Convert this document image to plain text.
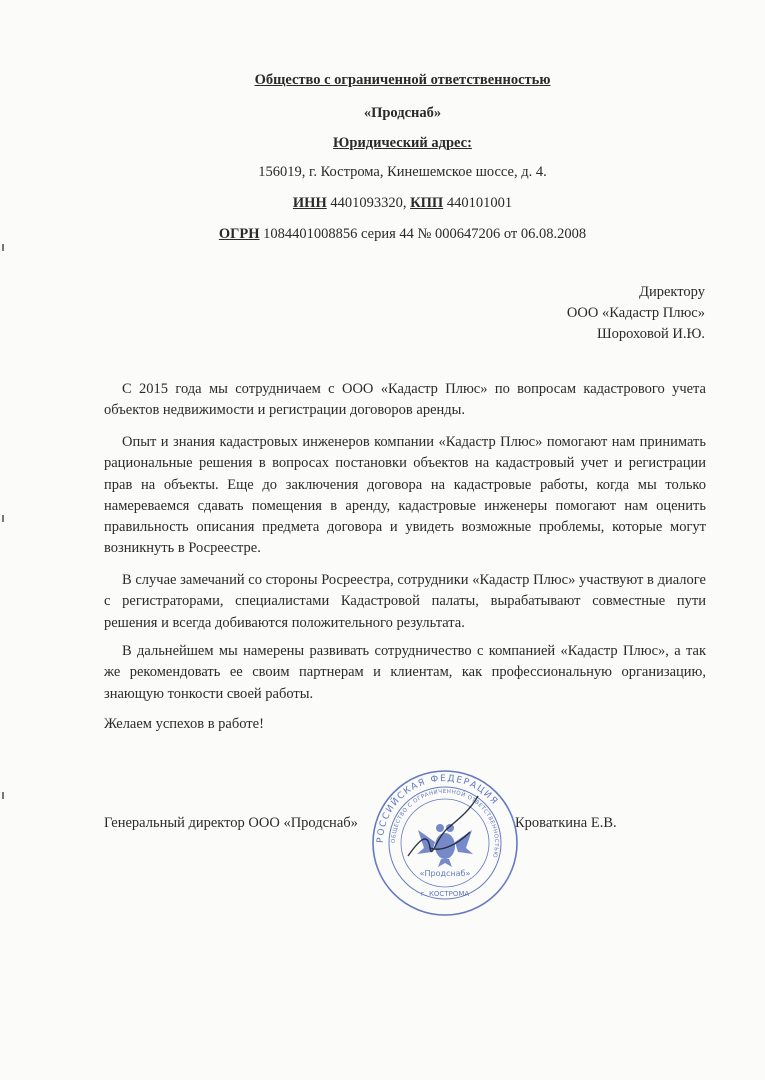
Общество с ограниченной ответственностью
«Продснаб»
Юридический адрес:
156019, г. Кострома, Кинешемское шоссе, д. 4.
ИНН 4401093320, КПП 440101001
ОГРН 1084401008856 серия 44 № 000647206 от 06.08.2008
Директору
ООО «Кадастр Плюс»
Шороховой И.Ю.
С 2015 года мы сотрудничаем с ООО «Кадастр Плюс» по вопросам кадастрового учета объектов недвижимости и регистрации договоров аренды.
Опыт и знания кадастровых инженеров компании «Кадастр Плюс» помогают нам принимать рациональные решения в вопросах постановки объектов на кадастровый учет и регистрации прав на объекты. Еще до заключения договора на кадастровые работы, когда мы только намереваемся сдавать помещения в аренду, кадастровые инженеры помогают нам оценить правильность описания предмета договора и увидеть возможные проблемы, которые могут возникнуть в Росреестре.
В случае замечаний со стороны Росреестра, сотрудники «Кадастр Плюс» участвуют в диалоге с регистраторами, специалистами Кадастровой палаты, вырабатывают совместные пути решения и всегда добиваются положительного результата.
В дальнейшем мы намерены развивать сотрудничество с компанией «Кадастр Плюс», а так же рекомендовать ее своим партнерам и клиентам, как профессиональную организацию, знающую тонкости своей работы.
Желаем успехов в работе!
РОССИЙСКАЯ ФЕДЕРАЦИЯ
ОБЩЕСТВО С ОГРАНИЧЕННОЙ ОТВЕТСТВЕННОСТЬЮ
«Продснаб»
г. КОСТРОМА
Генеральный директор ООО «Продснаб»	Кроваткина Е.В.
